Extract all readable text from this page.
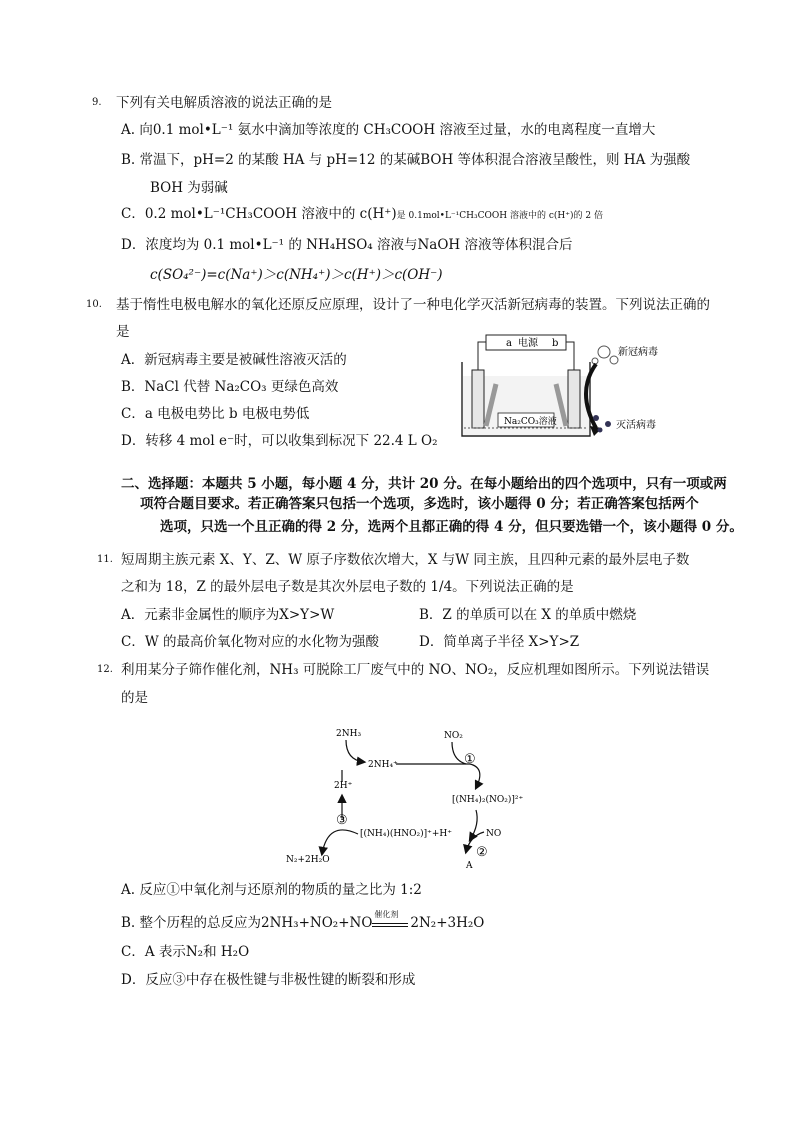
9. 下列有关电解质溶液的说法正确的是
A. 向0.1 mol•L⁻¹ 氨水中滴加等浓度的 CH₃COOH 溶液至过量，水的电离程度一直增大
B. 常温下，pH=2 的某酸 HA 与 pH=12 的某碱BOH 等体积混合溶液呈酸性，则 HA 为强酸
BOH 为弱碱
C．0.2 mol•L⁻¹CH₃COOH 溶液中的 c(H⁺)是 0.1mol•L⁻¹CH₃COOH 溶液中的 c(H⁺)的 2 倍
D．浓度均为 0.1 mol•L⁻¹ 的 NH₄HSO₄ 溶液与NaOH 溶液等体积混合后
c(SO₄²⁻)=c(Na⁺)＞c(NH₄⁺)＞c(H⁺)＞c(OH⁻)
10. 基于惰性电极电解水的氧化还原反应原理，设计了一种电化学灭活新冠病毒的装置。下列说法正确的
是
A．新冠病毒主要是被碱性溶液灭活的
B．NaCl 代替 Na₂CO₃ 更绿色高效
C．a 电极电势比 b 电极电势低
D．转移 4 mol e⁻时，可以收集到标况下 22.4 L O₂
a 电源 b
Na₂CO₃溶液
新冠病毒
灭活病毒
二、选择题：本题共 5 小题，每小题 4 分，共计 20 分。在每小题给出的四个选项中，只有一项或两
项符合题目要求。若正确答案只包括一个选项，多选时，该小题得 0 分；若正确答案包括两个
选项，只选一个且正确的得 2 分，选两个且都正确的得 4 分，但只要选错一个，该小题得 0 分。
11. 短周期主族元素 X、Y、Z、W 原子序数依次增大，X 与W 同主族，且四种元素的最外层电子数
之和为 18，Z 的最外层电子数是其次外层电子数的 1/4。下列说法正确的是
A．元素非金属性的顺序为X>Y>W	B．Z 的单质可以在 X 的单质中燃烧
C．W 的最高价氧化物对应的水化物为强酸	D．简单离子半径 X>Y>Z
12. 利用某分子筛作催化剂，NH₃ 可脱除工厂废气中的 NO、NO₂，反应机理如图所示。下列说法错误
的是
2NH₃
2NH₄⁺
NO₂
①
[(NH₄)₂(NO₂)]²⁺
NO
②
A
[(NH₄)(HNO₂)]⁺+H⁺
③
2H⁺
N₂+2H₂O
A. 反应①中氧化剂与还原剂的物质的量之比为 1:2
B. 整个历程的总反应为2NH₃+NO₂+NO
催化剂
2N₂+3H₂O
C．A 表示N₂和 H₂O
D．反应③中存在极性键与非极性键的断裂和形成
